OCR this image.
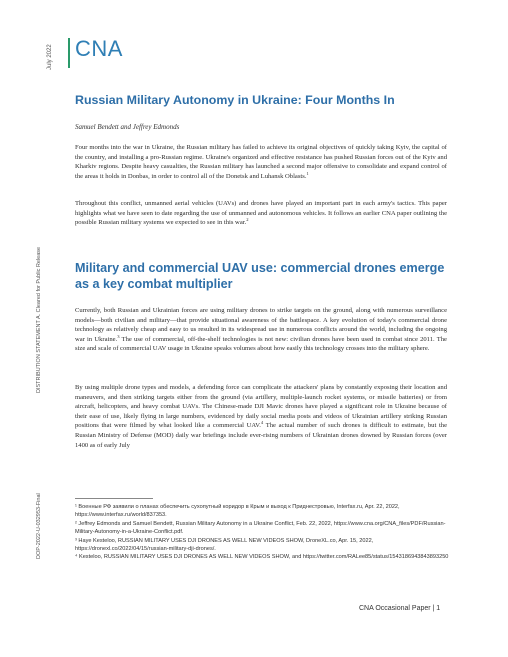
July 2022
DISTRIBUTION STATEMENT A. Cleared for Public Release
DOP-2022-U-032953-Final
CNA
Russian Military Autonomy in Ukraine: Four Months In
Samuel Bendett and Jeffrey Edmonds
Four months into the war in Ukraine, the Russian military has failed to achieve its original objectives of quickly taking Kyiv, the capital of the country, and installing a pro-Russian regime. Ukraine's organized and effective resistance has pushed Russian forces out of the Kyiv and Kharkiv regions. Despite heavy casualties, the Russian military has launched a second major offensive to consolidate and expand control of the areas it holds in Donbas, in order to control all of the Donetsk and Luhansk Oblasts.$^1$
Throughout this conflict, unmanned aerial vehicles (UAVs) and drones have played an important part in each army's tactics. This paper highlights what we have seen to date regarding the use of unmanned and autonomous vehicles. It follows an earlier CNA paper outlining the possible Russian military systems we expected to see in this war.$^2$
Military and commercial UAV use: commercial drones emerge as a key combat multiplier
Currently, both Russian and Ukrainian forces are using military drones to strike targets on the ground, along with numerous surveillance models—both civilian and military—that provide situational awareness of the battlespace. A key evolution of today's commercial drone technology as relatively cheap and easy to us resulted in its widespread use in numerous conflicts around the world, including the ongoing war in Ukraine.$^3$ The use of commercial, off-the-shelf technologies is not new: civilian drones have been used in combat since 2011. The size and scale of commercial UAV usage in Ukraine speaks volumes about how easily this technology crosses into the military sphere.
By using multiple drone types and models, a defending force can complicate the attackers' plans by constantly exposing their location and maneuvers, and then striking targets either from the ground (via artillery, multiple-launch rocket systems, or missile batteries) or from aircraft, helicopters, and heavy combat UAVs. The Chinese-made DJI Mavic drones have played a significant role in Ukraine because of their ease of use, likely flying in large numbers, evidenced by daily social media posts and videos of Ukrainian artillery striking Russian positions that were filmed by what looked like a commercial UAV.$^4$ The actual number of such drones is difficult to estimate, but the Russian Ministry of Defense (MOD) daily war briefings include ever-rising numbers of Ukrainian drones downed by Russian forces (over 1400 as of early July
¹ Военные РФ заявили о планах обеспечить сухопутный коридор в Крым и выход к Приднестровью, Interfax.ru, Apr. 22, 2022, https://www.interfax.ru/world/837353.
² Jeffrey Edmonds and Samuel Bendett, Russian Military Autonomy in a Ukraine Conflict, Feb. 22, 2022, https://www.cna.org/CNA_files/PDF/Russian-Military-Autonomy-in-a-Ukraine-Conflict.pdf.
³ Haye Kesteloo, RUSSIAN MILITARY USES DJI DRONES AS WELL NEW VIDEOS SHOW, DroneXL.co, Apr. 15, 2022, https://dronexl.co/2022/04/15/russian-military-dji-drones/.
⁴ Kesteloo, RUSSIAN MILITARY USES DJI DRONES AS WELL NEW VIDEOS SHOW, and https://twitter.com/RALee85/status/1543186943843893250
CNA Occasional Paper | 1
